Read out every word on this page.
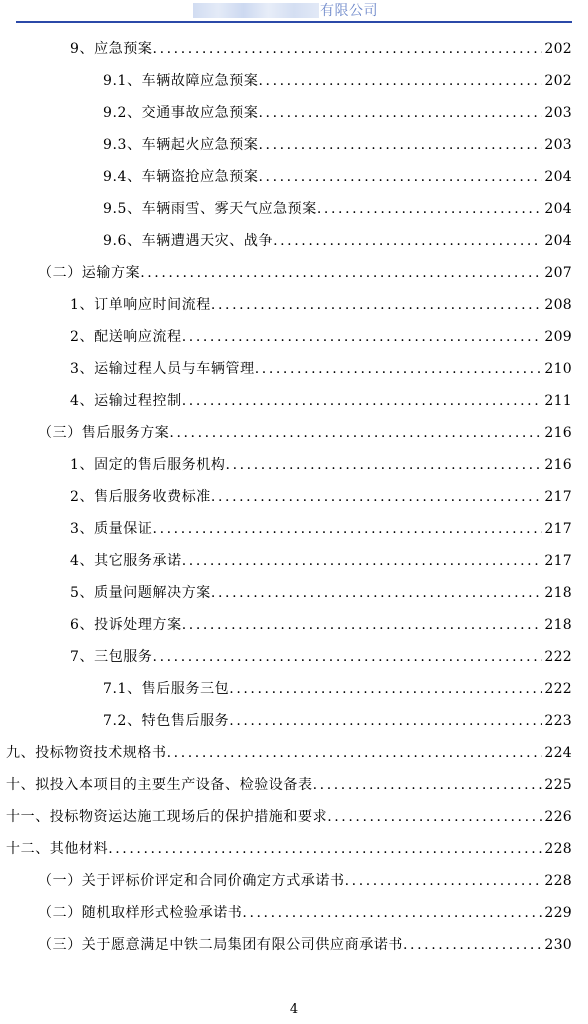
有限公司
9、应急预案 .....	202
9.1、车辆故障应急预案 .....	202
9.2、交通事故应急预案 .....	203
9.3、车辆起火应急预案 .....	203
9.4、车辆盗抢应急预案 .....	204
9.5、车辆雨雪、雾天气应急预案 .....	204
9.6、车辆遭遇天灾、战争 .....	204
（二）运输方案 .....	207
1、订单响应时间流程 .....	208
2、配送响应流程 .....	209
3、运输过程人员与车辆管理 .....	210
4、运输过程控制 .....	211
（三）售后服务方案 .....	216
1、固定的售后服务机构 .....	216
2、售后服务收费标准 .....	217
3、质量保证 .....	217
4、其它服务承诺 .....	217
5、质量问题解决方案 .....	218
6、投诉处理方案 .....	218
7、三包服务 .....	222
7.1、售后服务三包 .....	222
7.2、特色售后服务 .....	223
九、投标物资技术规格书 .....	224
十、拟投入本项目的主要生产设备、检验设备表 .....	225
十一、投标物资运达施工现场后的保护措施和要求 .....	226
十二、其他材料 .....	228
（一）关于评标价评定和合同价确定方式承诺书 .....	228
（二）随机取样形式检验承诺书 .....	229
（三）关于愿意满足中铁二局集团有限公司供应商承诺书 .....	230
4
